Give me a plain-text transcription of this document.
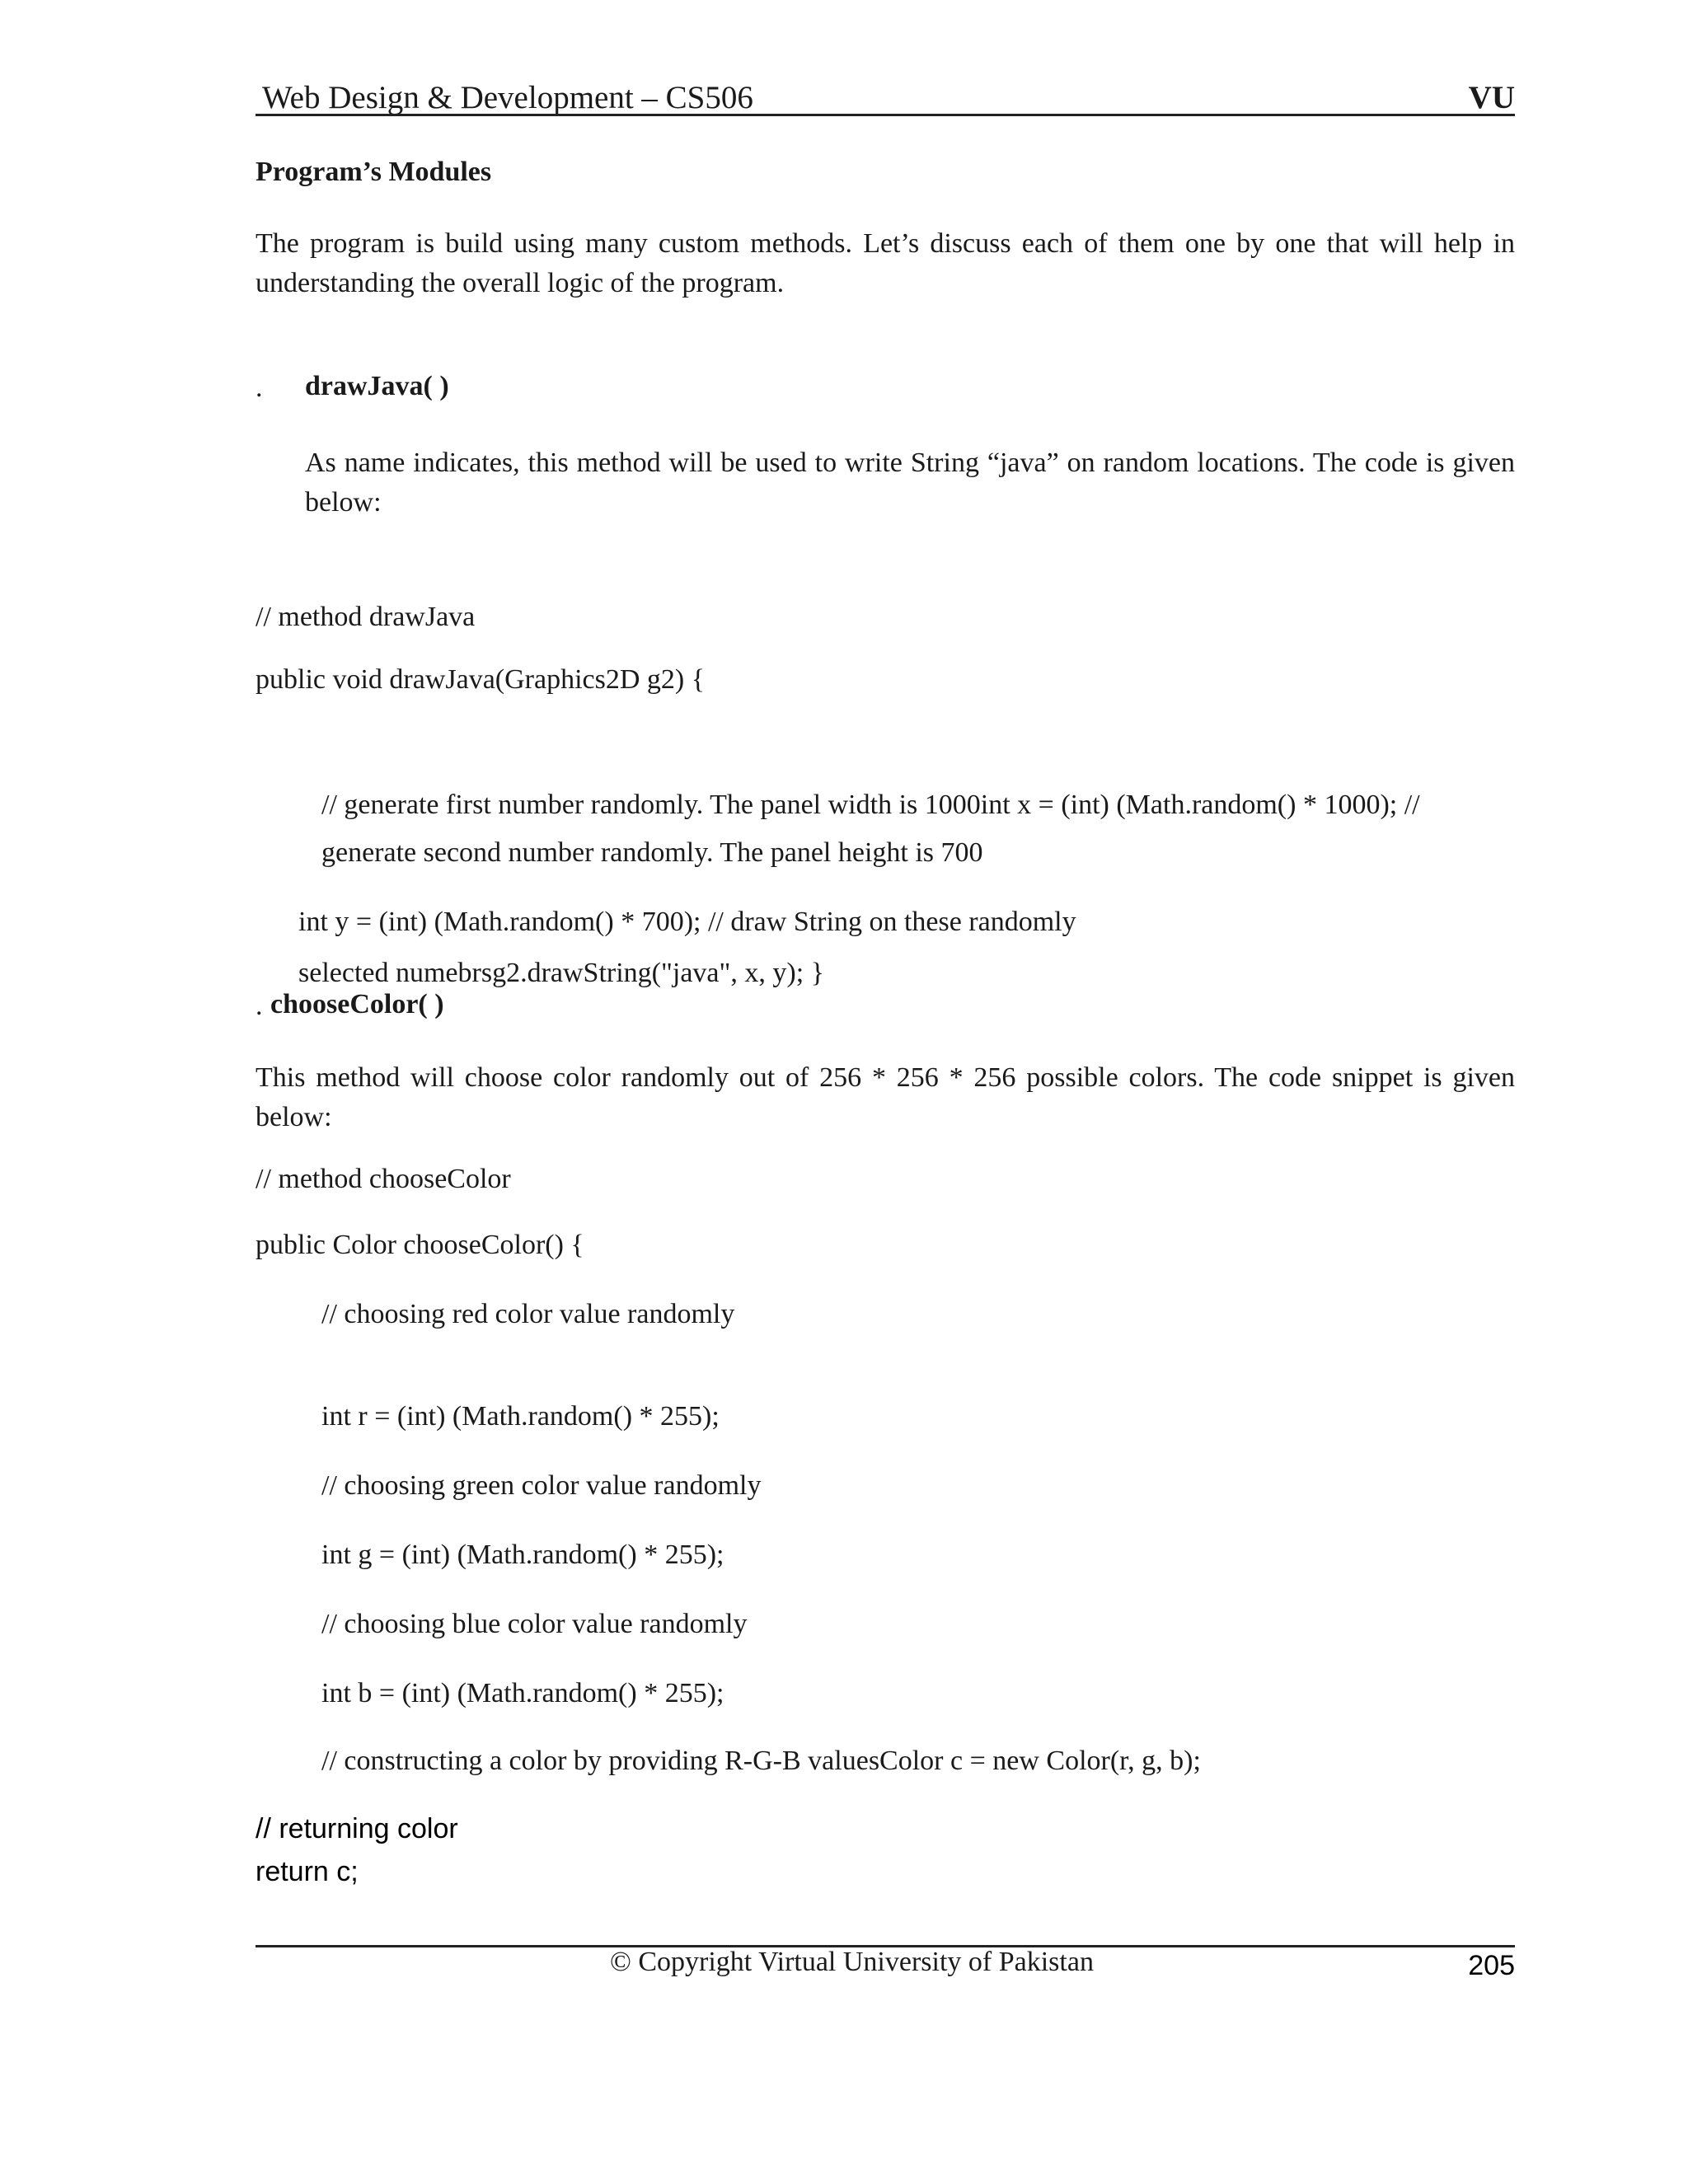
Web Design & Development – CS506	VU
Program’s Modules
The program is build using many custom methods. Let’s discuss each of them one by one that will help in understanding the overall logic of the program.
. drawJava( )
As name indicates, this method will be used to write String “java” on random locations. The code is given below:
// method drawJava
public void drawJava(Graphics2D g2) {
// generate first number randomly. The panel width is 1000int x = (int) (Math.random() * 1000); //
generate second number randomly. The panel height is 700
int y = (int) (Math.random() * 700); // draw String on these randomly
selected numebrsg2.drawString("java", x, y); }
. chooseColor( )
This method will choose color randomly out of 256 * 256 * 256 possible colors. The code snippet is given below:
// method chooseColor
public Color chooseColor() {
// choosing red color value randomly
int r = (int) (Math.random() * 255);
// choosing green color value randomly
int g = (int) (Math.random() * 255);
// choosing blue color value randomly
int b = (int) (Math.random() * 255);
// constructing a color by providing R-G-B valuesColor c = new Color(r, g, b);
// returning color
return c;
© Copyright Virtual University of Pakistan	205
